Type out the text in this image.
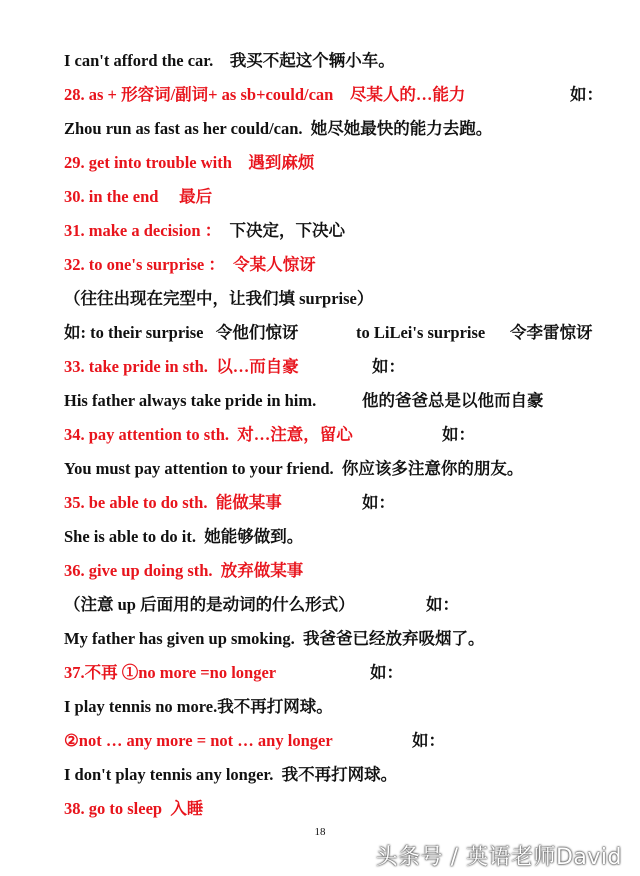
I can't afford the car. 我买不起这个辆小车。
28. as + 形容词/副词+ as sb+could/can 尽某人的…能力	如：
Zhou run as fast as her could/can. 她尽她最快的能力去跑。
29. get into trouble with 遇到麻烦
30. in the end 最后
31. make a decision ： 下决定，下决心
32. to one's surprise ： 令某人惊讶
（往往出现在完型中，让我们填 surprise）
如: to their surprise 令他们惊讶	to LiLei's surprise 令李雷惊讶
33. take pride in sth. 以…而自豪	如：
His father always take pride in him.	他的爸爸总是以他而自豪
34. pay attention to sth. 对…注意，留心	如：
You must pay attention to your friend. 你应该多注意你的朋友。
35. be able to do sth. 能做某事	如：
She is able to do it. 她能够做到。
36. give up doing sth. 放弃做某事
（注意 up 后面用的是动词的什么形式）	如：
My father has given up smoking. 我爸爸已经放弃吸烟了。
37.不再 ①no more =no longer	如：
I play tennis no more.我不再打网球。
②not … any more = not … any longer	如：
I don't play tennis any longer. 我不再打网球。
38. go to sleep 入睡
18
头条号 / 英语老师David
